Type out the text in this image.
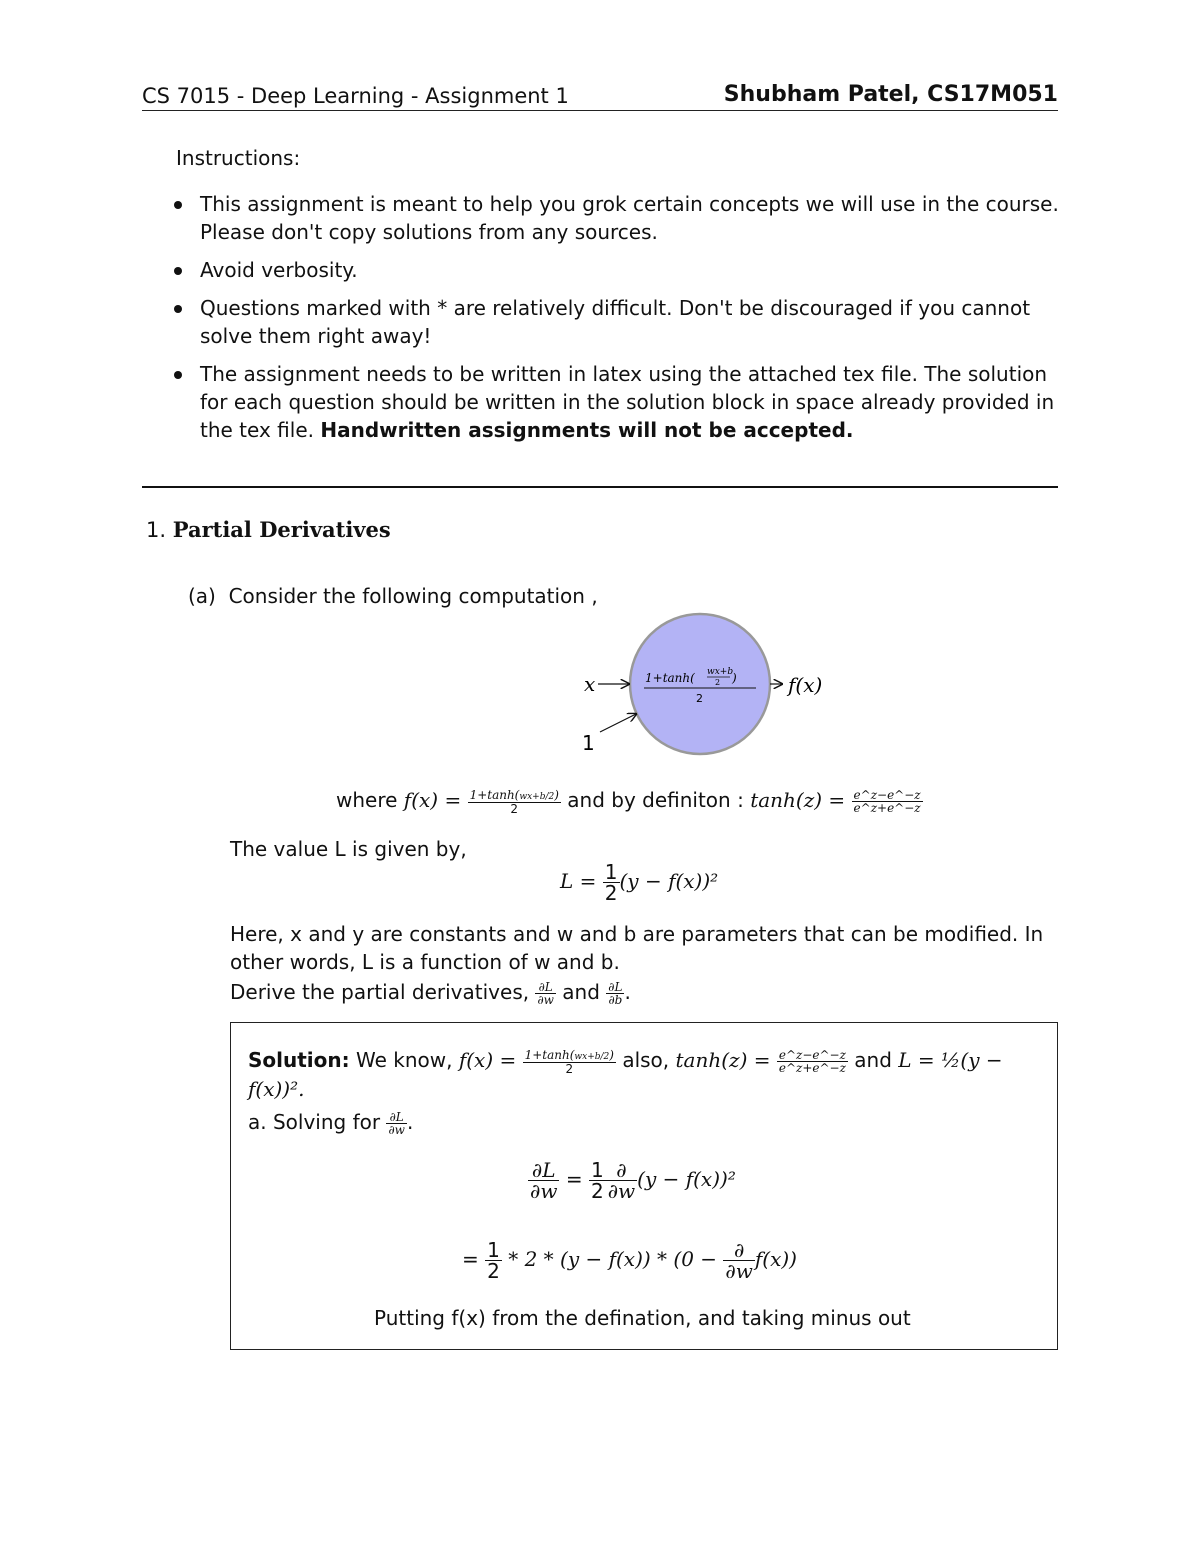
CS 7015 - Deep Learning - Assignment 1	Shubham Patel, CS17M051
Instructions:
This assignment is meant to help you grok certain concepts we will use in the course. Please don't copy solutions from any sources.
Avoid verbosity.
Questions marked with * are relatively difficult. Don't be discouraged if you cannot solve them right away!
The assignment needs to be written in latex using the attached tex file. The solution for each question should be written in the solution block in space already provided in the tex file. Handwritten assignments will not be accepted.
1. Partial Derivatives
(a) Consider the following computation ,
x
1
f(x)
1+tanh( wx+b
2 )
2
where $f(x) = \frac{1+\tanh(wx+b/2)}{2}$ and by definiton : $\tanh(z) = \frac{e\^{}z-e\^{}-z}{e\^{}z+e\^{}-z}$
The value L is given by,
$L = \frac{1}{2} (y - f(x))^2$
Here, x and y are constants and w and b are parameters that can be modified. In other words, L is a function of w and b.
Derive the partial derivatives, $\frac{\partial L}{\partial w}$ and $\frac{\partial L}{\partial b}$ .
Solution: We know, $f(x) = \frac{1+\tanh(wx+b/2)}{2}$ also, $\tanh(z) = \frac{e\^{}z-e\^{}-z}{e\^{}z+e\^{}-z}$ and L = ½(y − f(x))².
a. Solving for $\frac{\partial L}{\partial w}$ .
$\frac{\partial L}{\partial w} = \frac{1}{2} \frac{\partial}{\partial w} (y - f(x))^2$
= $\frac{1}{2} * 2 * (y - f(x)) * (0 - \frac{\partial}{\partial w} f(x))$
Putting f(x) from the defination, and taking minus out
